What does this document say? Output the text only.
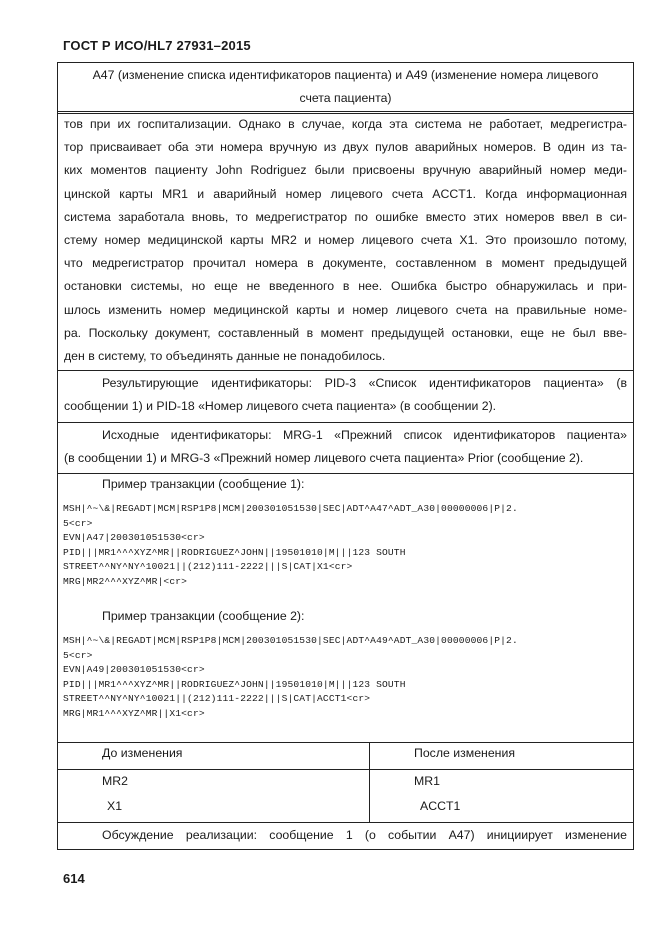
ГОСТ Р ИСО/HL7 27931–2015
А47 (изменение списка идентификаторов пациента) и А49 (изменение номера лицевого
счета пациента)
тов при их госпитализации. Однако в случае, когда эта система не работает, медрегистра-
тор присваивает оба эти номера вручную из двух пулов аварийных номеров. В один из та-
ких моментов пациенту John Rodriguez были присвоены вручную аварийный номер меди-
цинской карты MR1 и аварийный номер лицевого счета ACCT1. Когда информационная
система заработала вновь, то медрегистратор по ошибке вместо этих номеров ввел в си-
стему номер медицинской карты MR2 и номер лицевого счета X1. Это произошло потому,
что медрегистратор прочитал номера в документе, составленном в момент предыдущей
остановки системы, но еще не введенного в нее. Ошибка быстро обнаружилась и при-
шлось изменить номер медицинской карты и номер лицевого счета на правильные номе-
ра. Поскольку документ, составленный в момент предыдущей остановки, еще не был вве-
ден в систему, то объединять данные не понадобилось.
Результирующие идентификаторы: PID-3 «Список идентификаторов пациента» (в
сообщении 1) и PID-18 «Номер лицевого счета пациента» (в сообщении 2).
Исходные идентификаторы: MRG-1 «Прежний список идентификаторов пациента»
(в сообщении 1) и MRG-3 «Прежний номер лицевого счета пациента» Prior (сообщение 2).
Пример транзакции (сообщение 1):
MSH|^~\&|REGADT|MCM|RSP1P8|MCM|200301051530|SEC|ADT^A47^ADT_A30|00000006|P|2.
5<cr>
EVN|A47|200301051530<cr>
PID|||MR1^^^XYZ^MR||RODRIGUEZ^JOHN||19501010|M|||123 SOUTH
STREET^^NY^NY^10021||(212)111-2222|||S|CAT|X1<cr>
MRG|MR2^^^XYZ^MR|<cr>
Пример транзакции (сообщение 2):
MSH|^~\&|REGADT|MCM|RSP1P8|MCM|200301051530|SEC|ADT^A49^ADT_A30|00000006|P|2.
5<cr>
EVN|A49|200301051530<cr>
PID|||MR1^^^XYZ^MR||RODRIGUEZ^JOHN||19501010|M|||123 SOUTH
STREET^^NY^NY^10021||(212)111-2222|||S|CAT|ACCT1<cr>
MRG|MR1^^^XYZ^MR||X1<cr>
До изменения	После изменения
MR2	MR1
X1	ACCT1
Обсуждение реализации: сообщение 1 (о событии А47) инициирует изменение
614
